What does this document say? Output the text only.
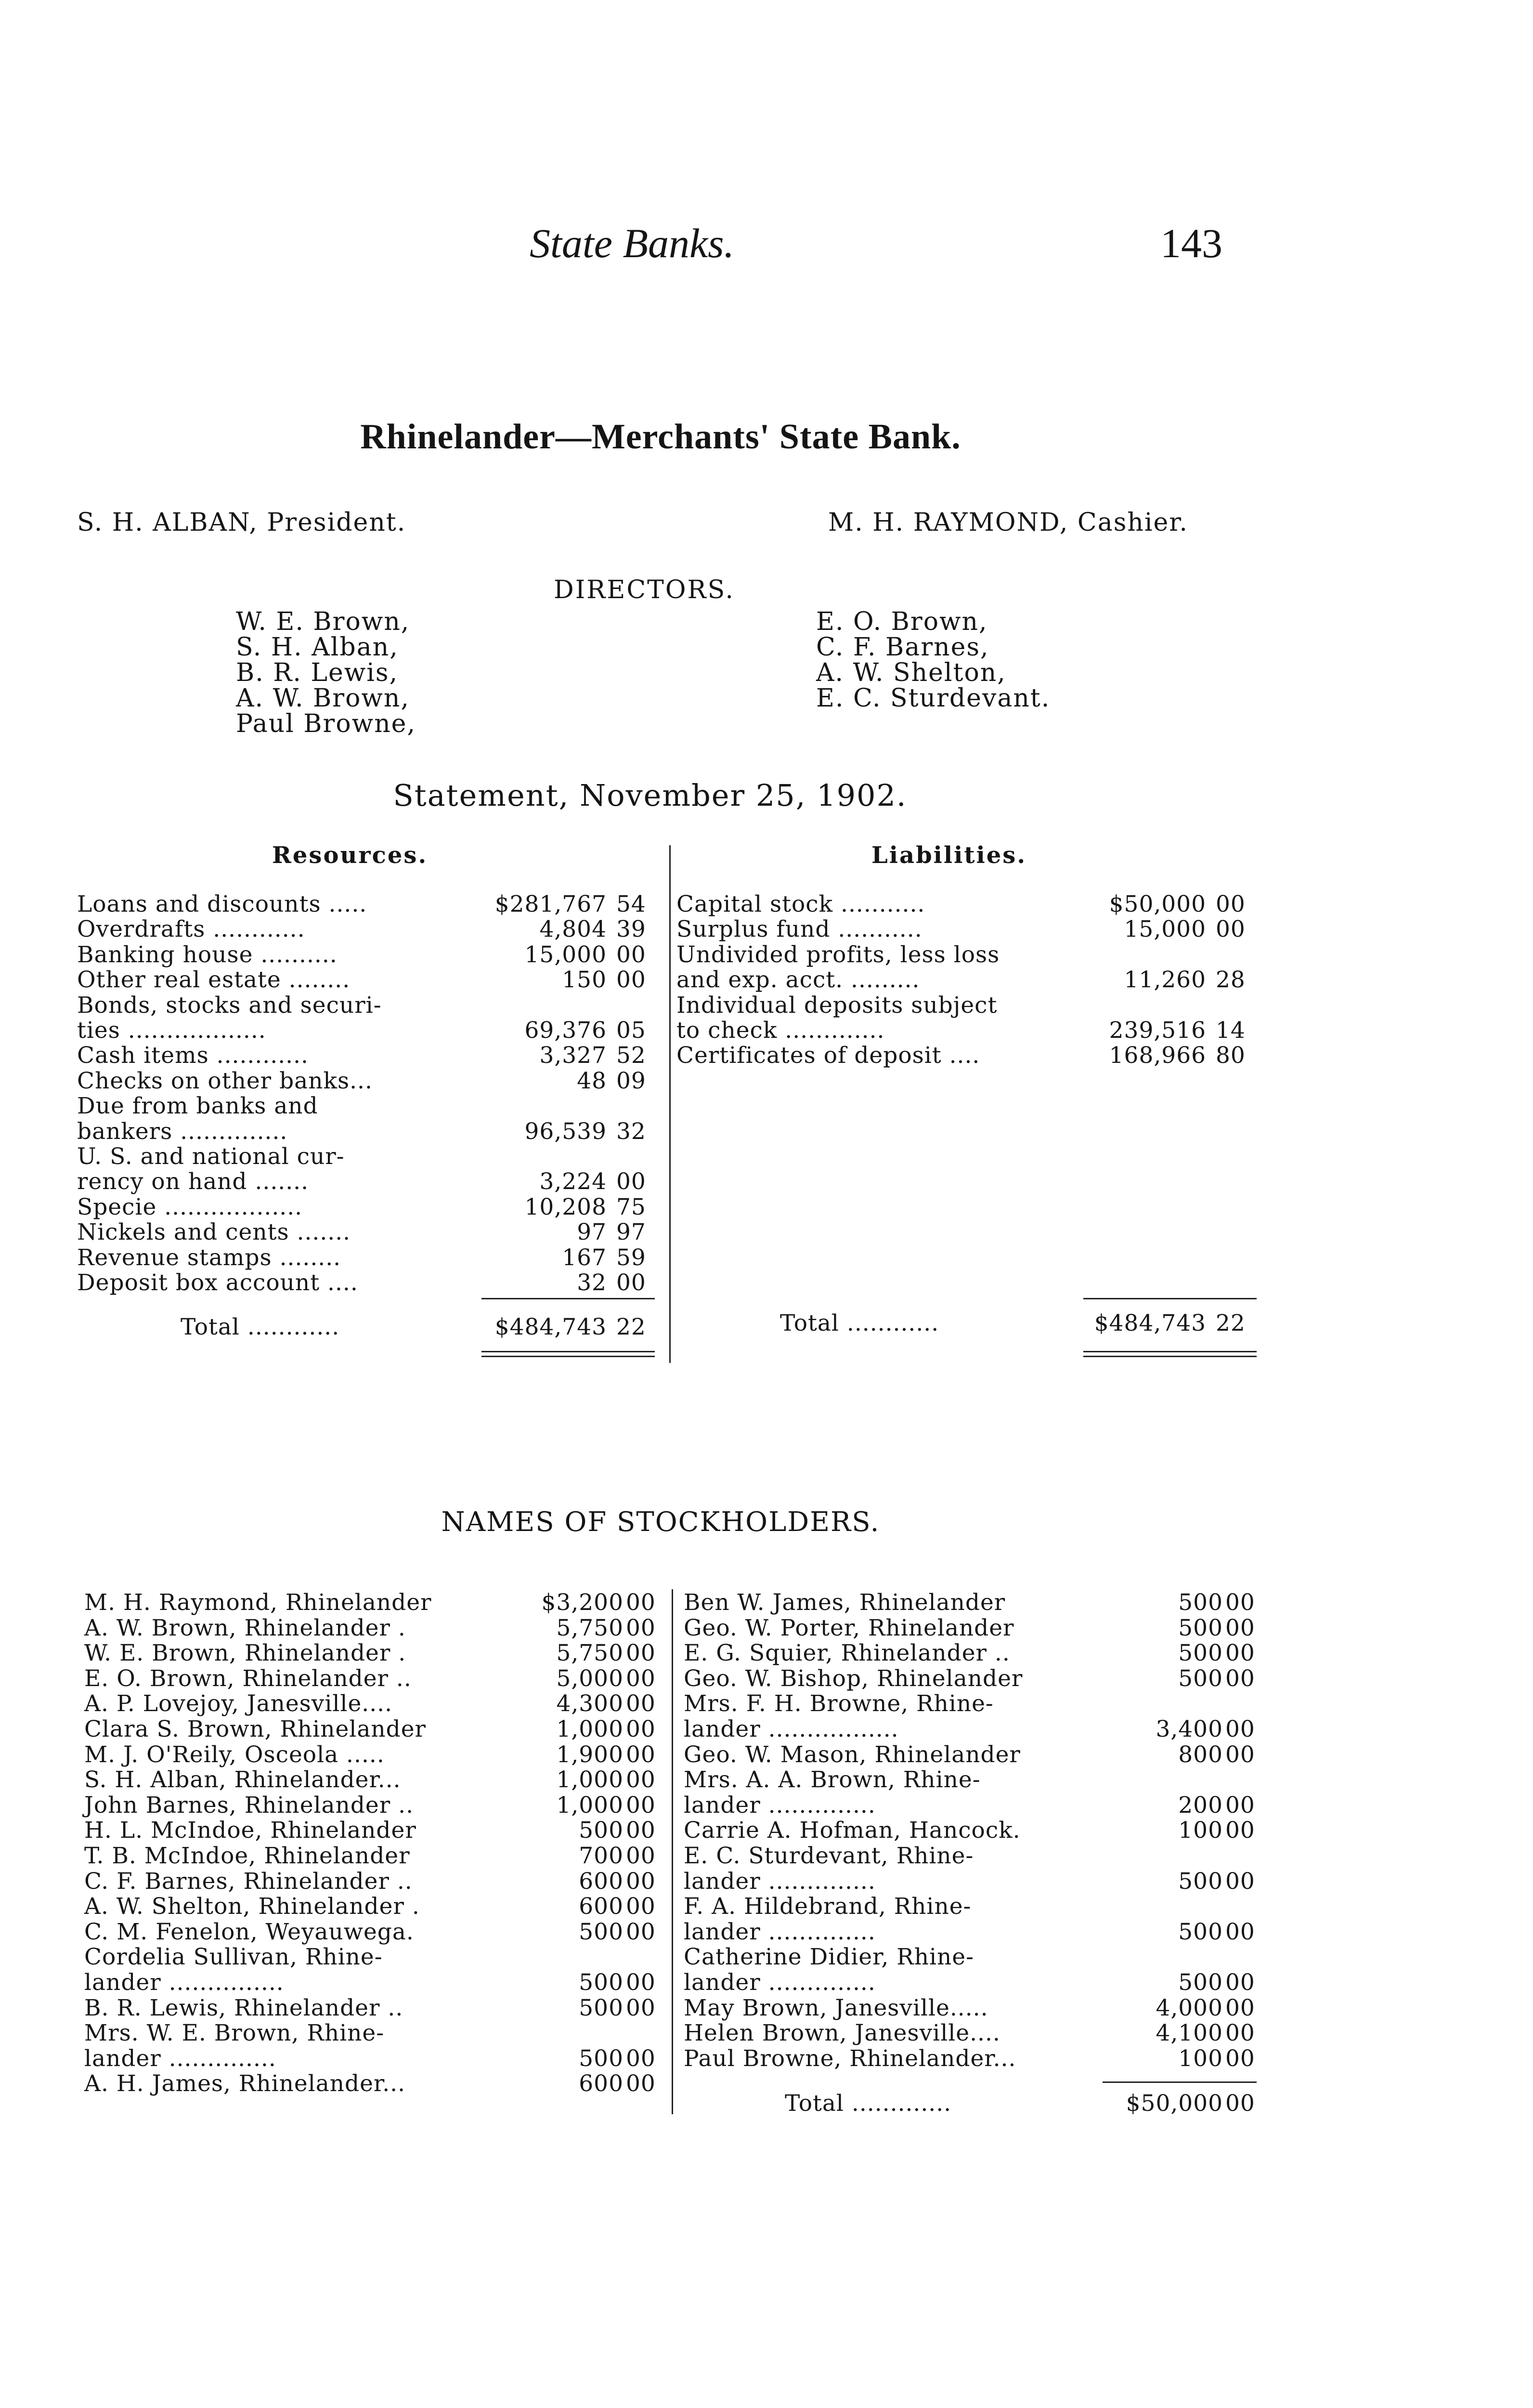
State Banks.	143
Rhinelander—Merchants' State Bank.
S. H. ALBAN, President.	M. H. RAYMOND, Cashier.
DIRECTORS.
W. E. Brown,
S. H. Alban,
B. R. Lewis,
A. W. Brown,
Paul Browne,
E. O. Brown,
C. F. Barnes,
A. W. Shelton,
E. C. Sturdevant.
Statement, November 25, 1902.
Resources.	Liabilities.
Loans and discounts .....	$281,767 54
Overdrafts ............	4,804 39
Banking house ..........	15,000 00
Other real estate ........	150 00
Bonds, stocks and securi-
ties ..................	69,376 05
Cash items ............	3,327 52
Checks on other banks...	48 09
Due from banks and
bankers ..............	96,539 32
U. S. and national cur-
rency on hand .......	3,224 00
Specie ..................	10,208 75
Nickels and cents .......	97 97
Revenue stamps ........	167 59
Deposit box account ....	32 00
Capital stock ...........	$50,000 00
Surplus fund ...........	15,000 00
Undivided profits, less loss
and exp. acct. .........	11,260 28
Individual deposits subject
to check .............	239,516 14
Certificates of deposit ....	168,966 80
Total ............	$484,743 22	Total ............	$484,743 22
NAMES OF STOCKHOLDERS.
M. H. Raymond, Rhinelander	$3,200 00
A. W. Brown, Rhinelander .	5,750 00
W. E. Brown, Rhinelander .	5,750 00
E. O. Brown, Rhinelander ..	5,000 00
A. P. Lovejoy, Janesville....	4,300 00
Clara S. Brown, Rhinelander	1,000 00
M. J. O'Reily, Osceola .....	1,900 00
S. H. Alban, Rhinelander...	1,000 00
John Barnes, Rhinelander ..	1,000 00
H. L. McIndoe, Rhinelander	500 00
T. B. McIndoe, Rhinelander	700 00
C. F. Barnes, Rhinelander ..	600 00
A. W. Shelton, Rhinelander .	600 00
C. M. Fenelon, Weyauwega.	500 00
Cordelia Sullivan, Rhine-
lander ...............	500 00
B. R. Lewis, Rhinelander ..	500 00
Mrs. W. E. Brown, Rhine-
lander ..............	500 00
A. H. James, Rhinelander...	600 00
Ben W. James, Rhinelander	500 00
Geo. W. Porter, Rhinelander	500 00
E. G. Squier, Rhinelander ..	500 00
Geo. W. Bishop, Rhinelander	500 00
Mrs. F. H. Browne, Rhine-
lander .................	3,400 00
Geo. W. Mason, Rhinelander	800 00
Mrs. A. A. Brown, Rhine-
lander ..............	200 00
Carrie A. Hofman, Hancock.	100 00
E. C. Sturdevant, Rhine-
lander ..............	500 00
F. A. Hildebrand, Rhine-
lander ..............	500 00
Catherine Didier, Rhine-
lander ..............	500 00
May Brown, Janesville.....	4,000 00
Helen Brown, Janesville....	4,100 00
Paul Browne, Rhinelander...	100 00
Total .............	$50,000 00
